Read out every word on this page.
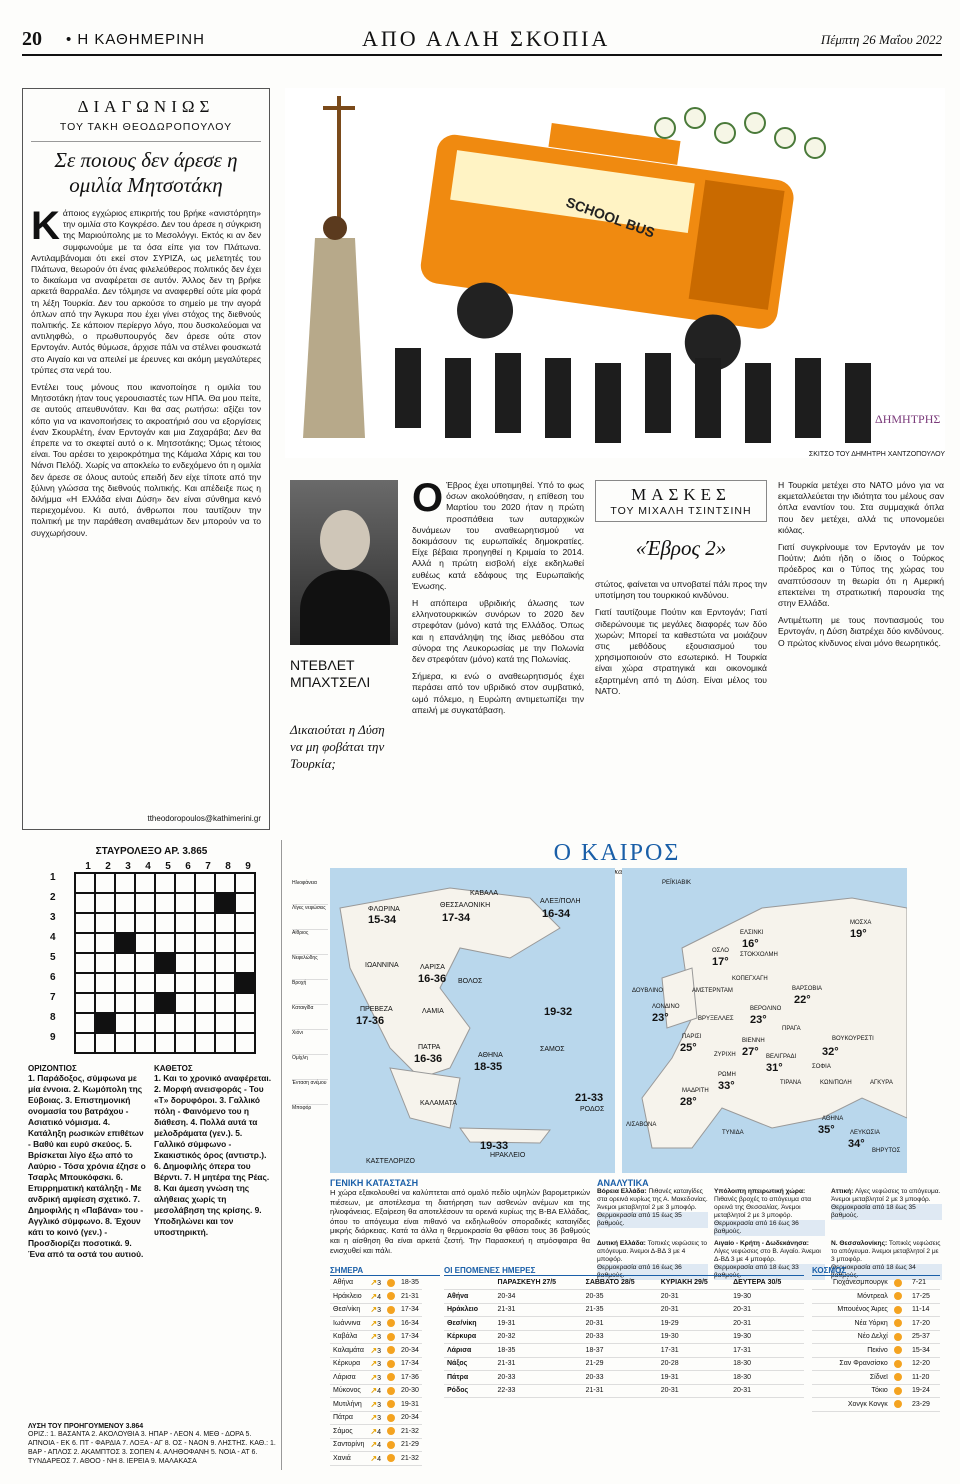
20 • Η ΚΑΘΗΜΕΡΙΝΗ	ΑΠΟ ΑΛΛΗ ΣΚΟΠΙΑ	Πέμπτη 26 Μαΐου 2022
ΔΙΑΓΩΝΙΩΣ
ΤΟΥ ΤΑΚΗ ΘΕΟΔΩΡΟΠΟΥΛΟΥ
Σε ποιους δεν άρεσε η ομιλία Μητσοτάκη

Κάποιος εγχώριος επικριτής του βρήκε «ανιστόρητη» την ομιλία στο Κογκρέσο. Δεν του άρεσε η σύγκριση της Μαριούπολης με το Μεσολόγγι. Εκτός κι αν δεν συμφωνούμε με τα όσα είπε για τον Πλάτωνα. Αντιλαμβάνομαι ότι εκεί στον ΣΥΡΙΖΑ, ως μελετητές του Πλάτωνα, θεωρούν ότι ένας φιλελεύθερος πολιτικός δεν έχει το δικαίωμα να αναφέρεται σε αυτόν. Άλλος δεν τη βρήκε αρκετά θαρραλέα. Δεν τόλμησε να αναφερθεί ούτε μία φορά τη λέξη Τουρκία. Δεν του αρκούσε το σημείο με την αγορά όπλων από την Άγκυρα που έχει γίνει στόχος της διεθνούς πολιτικής. Σε κάποιον περίεργο λόγο, που δυσκολεύομαι να αντιληφθώ, ο πρωθυπουργός δεν άρεσε ούτε στον Ερντογάν. Αυτός θύμωσε, άρχισε πάλι να στέλνει φουσκωτά στο Αιγαίο και να απειλεί με έρευνες και ακόμη μεγαλύτερες τρύπες στα νερά του.

Εντέλει τους μόνους που ικανοποίησε η ομιλία του Μητσοτάκη ήταν τους γερουσιαστές των ΗΠΑ. Θα μου πείτε, σε αυτούς απευθυνόταν. Και θα σας ρωτήσω: αξίζει τον κόπο για να ικανοποιήσεις το ακροατήριό σου να εξοργίσεις έναν Σκουρλέτη, έναν Ερντογάν και μια Ζαχαράβα; Δεν θα έπρεπε να το σκεφτεί αυτό ο κ. Μητσοτάκης; Όμως τέτοιος είναι. Του αρέσει το χειροκρότημα της Κάμαλα Χάρις και του Νάνσι Πελόζι. Χωρίς να αποκλείω το ενδεχόμενο ότι η ομιλία δεν άρεσε σε όλους αυτούς επειδή δεν είχε τίποτε από την ξύλινη γλώσσα της διεθνούς πολιτικής. Και απέδειξε πως η διλήμμα «Η Ελλάδα είναι Δύση» δεν είναι σύνθημα κενό περιεχομένου. Κι αυτό, άνθρωποι που ταυτίζουν την πολιτική με την παράθεση αναθεμάτων δεν μπορούν να το συγχωρήσουν.

ttheodoropoulos@kathimerini.gr
SCHOOL BUS
ΔΗΜΗΤΡΗΣ
ΣΚΙΤΣΟ ΤΟΥ ΔΗΜΗΤΡΗ ΧΑΝΤΖΟΠΟΥΛΟΥ
ΝΤΕΒΛΕΤ ΜΠΑΧΤΣΕΛΙ
Δικαιούται η Δύση να μη φοβάται την Τουρκία;

Ο Έβρος έχει υποτιμηθεί. Υπό το φως όσων ακολούθησαν, η επίθεση του Μαρτίου του 2020 ήταν η πρώτη προσπάθεια των αυταρχικών δυνάμεων του αναθεωρητισμού να δοκιμάσουν τις ευρωπαϊκές δημοκρατίες. Είχε βέβαια προηγηθεί η Κριμαία το 2014. Αλλά η πρώτη εισβολή είχε εκδηλωθεί ευθέως κατά εδάφους της Ευρωπαϊκής Ένωσης.

Η απόπειρα υβριδικής άλωσης των ελληνοτουρκικών συνόρων το 2020 δεν στρεφόταν (μόνο) κατά της Ελλάδος. Όπως και η επανάληψη της ίδιας μεθόδου στα σύνορα της Λευκορωσίας με την Πολωνία δεν στρεφόταν (μόνο) κατά της Πολωνίας.

Σήμερα, κι ενώ ο αναθεωρητισμός έχει περάσει από τον υβριδικό στον συμβατικό, ωμό πόλεμο, η Ευρώπη αντιμετωπίζει την απειλή με συγκατάβαση.

ΜΑΣΚΕΣ
ΤΟΥ ΜΙΧΑΛΗ ΤΣΙΝΤΣΙΝΗ
«Έβρος 2»

στώτος, φαίνεται να υπνοβατεί πάλι προς την υποτίμηση του τουρκικού κινδύνου.

Γιατί ταυτίζουμε Πούτιν και Ερντογάν; Γιατί σιδερώνουμε τις μεγάλες διαφορές των δύο χωρών; Μπορεί τα καθεστώτα να μοιάζουν στις μεθόδους εξουσιασμού του χρησιμοποιούν στο εσωτερικό. Η Τουρκία είναι χώρα στρατηγικά και οικονομικά εξαρτημένη από τη Δύση. Είναι μέλος του ΝΑΤΟ.

Η Τουρκία μετέχει στο ΝΑΤΟ μόνο για να εκμεταλλεύεται την ιδιότητα του μέλους σαν όπλα εναντίον του. Στα συμμαχικά όπλα που δεν μετέχει, αλλά τις υπονομεύει κιόλας.

Γιατί συγκρίνουμε τον Ερντογάν με τον Πούτιν; Διότι ήδη ο ίδιος ο Τούρκος πρόεδρος και ο Τύπος της χώρας του αναπτύσσουν τη θεωρία ότι η Αμερική επεκτείνει τη στρατιωτική παρουσία της στην Ελλάδα.

Αντιμέτωπη με τους ποντιασμούς του Ερντογάν, η Δύση διατρέχει δύο κινδύνους. Ο πρώτος κίνδυνος είναι μόνο θεωρητικός.

ΣΤΑΥΡΟΛΕΞΟ ΑΡ. 3.865
1	2	3	4	5	6	7	8	9
1
2
3
4
5
6
7
8
9
ΟΡΙΖΟΝΤΙΟΣ
1. Παράδοξος, σύμφωνα με μία έννοια. 2. Κωμόπολη της Εύβοιας. 3. Επιστημονική ονομασία του βατράχου - Ασιατικό νόμισμα. 4. Κατάληξη ρωσικών επιθέτων - Βαθύ και ευρύ σκεύος. 5. Βρίσκεται λίγο έξω από το Λαύριο - Τόσα χρόνια έζησε ο Τσαρλς Μπουκόφσκι. 6. Επιρρηματική κατάληξη - Με ανδρική αμφίεση σχετικό. 7. Δημοφιλής η «Παβάνα» του - Αγγλικό σύμφωνο. 8. Έχουν κάτι το κοινό (γεν.) - Προσδιορίζει ποσοτικά. 9. Ένα από τα οστά του αυτιού.
ΚΑΘΕΤΟΣ
1. Και το χρονικό αναφέρεται. 2. Μορφή ανεισφοράς - Του «Τ» δορυφόροι. 3. Γαλλικό πόλη - Φαινόμενο του η διάθεση. 4. Πολλά αυτά τα μελοδράματα (γεν.). 5. Γαλλικό σύμφωνο - Σκακιστικός όρος (αντιστρ.). 6. Δημοφιλής όπερα του Βέρντι. 7. Η μητέρα της Ρέας. 8. Και άμεση γνώση της αλήθειας χωρίς τη μεσολάβηση της κρίσης. 9. Υποδηλώνει και τον υποστηρικτή.
ΛΥΣΗ ΤΟΥ ΠΡΟΗΓΟΥΜΕΝΟΥ 3.864
ΟΡΙΖ.: 1. ΒΑΣΑΝΤΑ 2. ΑΚΟΛΟΥΘΙΑ 3. ΗΠΑΡ - ΛΕΟΝ 4. ΜΕΘ - ΔΟΡΑ 5. ΑΠΝΟΙΑ - ΕΚ 6. ΠΤ - ΦΑΡΔΙΑ 7. ΛΟΞΑ - ΑΓ 8. ΟΣ - ΝΑΟΝ 9. ΛΗΣΤΗΣ. ΚΑΘ.: 1. ΒΑΡ - ΑΠΛΟΣ 2. ΑΚΑΜΠΤΟΣ 3. ΣΟΠΕΝ 4. ΑΛΗΘΟΦΑΝΗ 5. ΝΟΙΑ - ΑΤ 6. ΤΥΝΔΑΡΕΟΣ 7. ΑΘΟΟ - ΝΗ 8. ΙΕΡΕΙΑ 9. ΜΑΛΑΚΑΣΑ
Ο ΚΑΙΡΟΣ
και
Ηλιοφάνεια
Λίγες νεφώσεις
Αίθριος
Νεφελώδης
Βροχή
Καταιγίδα
Χιόνι
Ομίχλη
Ένταση ανέμου
Μποφόρ
ΦΛΩΡΙΝΑ
15-34
ΚΑΒΑΛΑ
ΘΕΣΣΑΛΟΝΙΚΗ
17-34
ΑΛΕΞ/ΠΟΛΗ
16-34
ΙΩΑΝΝΙΝΑ	ΛΑΡΙΣΑ
16-36 ΒΟΛΟΣ
ΠΡΕΒΕΖΑ
17-36
ΛΑΜΙΑ
ΠΑΤΡΑ
16-36	ΑΘΗΝΑ
18-35
19-32
ΣΑΜΟΣ
ΚΑΛΑΜΑΤΑ	21-33
ΡΟΔΟΣ
19-33
ΗΡΑΚΛΕΙΟ
ΚΑΣΤΕΛΟΡΙΖΟ
ΡΕΪΚΙΑΒΙΚ
ΕΛΣΙΝΚΙ
16°
ΜΟΣΧΑ
19°
ΟΣΛΟ
17°
ΣΤΟΚΧΟΛΜΗ
ΚΟΠΕΓΧΑΓΗ
ΔΟΥΒΛΙΝΟ	ΑΜΣΤΕΡΝΤΑΜ	ΒΑΡΣΟΒΙΑ
22°
ΛΟΝΔΙΝΟ
23°	ΒΡΥΞΕΛΛΕΣ
ΒΕΡΟΛΙΝΟ
23°
ΠΡΑΓΑ
ΠΑΡΙΣΙ
25°
ΒΙΕΝΝΗ
27°
ΒΟΥΚΟΥΡΕΣΤΙ
32°
ΖΥΡΙΧΗ	ΒΕΛΙΓΡΑΔΙ
31°	ΣΟΦΙΑ
ΡΩΜΗ
33°	ΤΙΡΑΝΑ	ΚΩΝ/ΠΟΛΗ	ΑΓΚΥΡΑ
ΜΑΔΡΙΤΗ
28°
ΛΙΣΑΒΟΝΑ
ΑΘΗΝΑ
35°	ΛΕΥΚΩΣΙΑ
34°
ΤΥΝΙΔΑ
ΒΗΡΥΤΟΣ
ΓΕΝΙΚΗ ΚΑΤΑΣΤΑΣΗ
Η χώρα εξακολουθεί να καλύπτεται από ομαλό πεδίο υψηλών βαρομετρικών πιέσεων, με αποτέλεσμα τη διατήρηση των ασθενών ανέμων και της ηλιοφάνειας. Εξαίρεση θα αποτελέσουν τα ορεινά κυρίως της Β-ΒΑ Ελλάδας, όπου το απόγευμα είναι πιθανό να εκδηλωθούν σποραδικές καταιγίδες μικρής διάρκειας. Κατά τα άλλα η θερμοκρασία θα φθάσει τους 36 βαθμούς και η αίσθηση θα είναι αρκετά ζεστή. Την Παρασκευή η ατμόσφαιρα θα ενισχυθεί και πάλι.
ΑΝΑΛΥΤΙΚΑ
Βόρεια Ελλάδα: Πιθανές καταιγίδες στα ορεινά κυρίως της Α. Μακεδονίας. Άνεμοι μεταβλητοί 2 με 3 μποφόρ.
Θερμοκρασία από 15 έως 35 βαθμούς.
Υπόλοιπη ηπειρωτική χώρα: Πιθανές βροχές το απόγευμα στα ορεινά της Θεσσαλίας. Άνεμοι μεταβλητοί 2 με 3 μποφόρ.
Θερμοκρασία από 16 έως 36 βαθμούς.
Αττική: Λίγες νεφώσεις το απόγευμα. Άνεμοι μεταβλητοί 2 με 3 μποφόρ.
Θερμοκρασία από 18 έως 35 βαθμούς.
Δυτική Ελλάδα: Τοπικές νεφώσεις το απόγευμα. Άνεμοι Δ-ΒΔ 3 με 4 μποφόρ.
Θερμοκρασία από 16 έως 36 βαθμούς.
Αιγαίο - Κρήτη - Δωδεκάνησα: Λίγες νεφώσεις στο Β. Αιγαίο. Άνεμοι Δ-ΒΔ 3 με 4 μποφόρ.
Θερμοκρασία από 18 έως 33 βαθμούς.
Ν. Θεσσαλονίκης: Τοπικές νεφώσεις το απόγευμα. Άνεμοι μεταβλητοί 2 με 3 μποφόρ.
Θερμοκρασία από 18 έως 34 βαθμούς.
ΣΗΜΕΡΑ
Αθήνα	↗3		18-35
Ηράκλειο	↗4		21-31
Θεσ/νίκη	↗3		17-34
Ιωάννινα	↗3		16-34
Καβάλα	↗3		17-34
Καλαμάτα	↗3		20-34
Κέρκυρα	↗3		17-34
Λάρισα	↗3		17-36
Μύκονος	↗4		20-30
Μυτιλήνη	↗3		19-31
Πάτρα	↗3		20-34
Σάμος	↗4		21-32
Σαντορίνη	↗4		21-29
Χανιά	↗4		21-32
ΟΙ ΕΠΟΜΕΝΕΣ ΗΜΕΡΕΣ
	ΠΑΡΑΣΚΕΥΗ 27/5	ΣΑΒΒΑΤΟ 28/5	ΚΥΡΙΑΚΗ 29/5	ΔΕΥΤΕΡΑ 30/5
Αθήνα	20-34	20-35	20-31	19-30
Ηράκλειο	21-31	21-35	20-31	20-31
Θεσ/νίκη	19-31	20-31	19-29	20-31
Κέρκυρα	20-32	20-33	19-30	19-30
Λάρισα	18-35	18-37	17-31	17-31
Νάξος	21-31	21-29	20-28	18-30
Πάτρα	20-33	20-33	19-31	18-30
Ρόδος	22-33	21-31	20-31	20-31
ΚΟΣΜΟΣ
Γιοχάνεσμπουργκ		7-21
Μόντρεαλ		17-25
Μπουένος Άιρες		11-14
Νέα Υόρκη		17-20
Νέο Δελχί		25-37
Πεκίνο		15-34
Σαν Φρανσίσκο		12-20
Σίδνεϊ		11-20
Τόκιο		19-24
Χονγκ Κονγκ		23-29
